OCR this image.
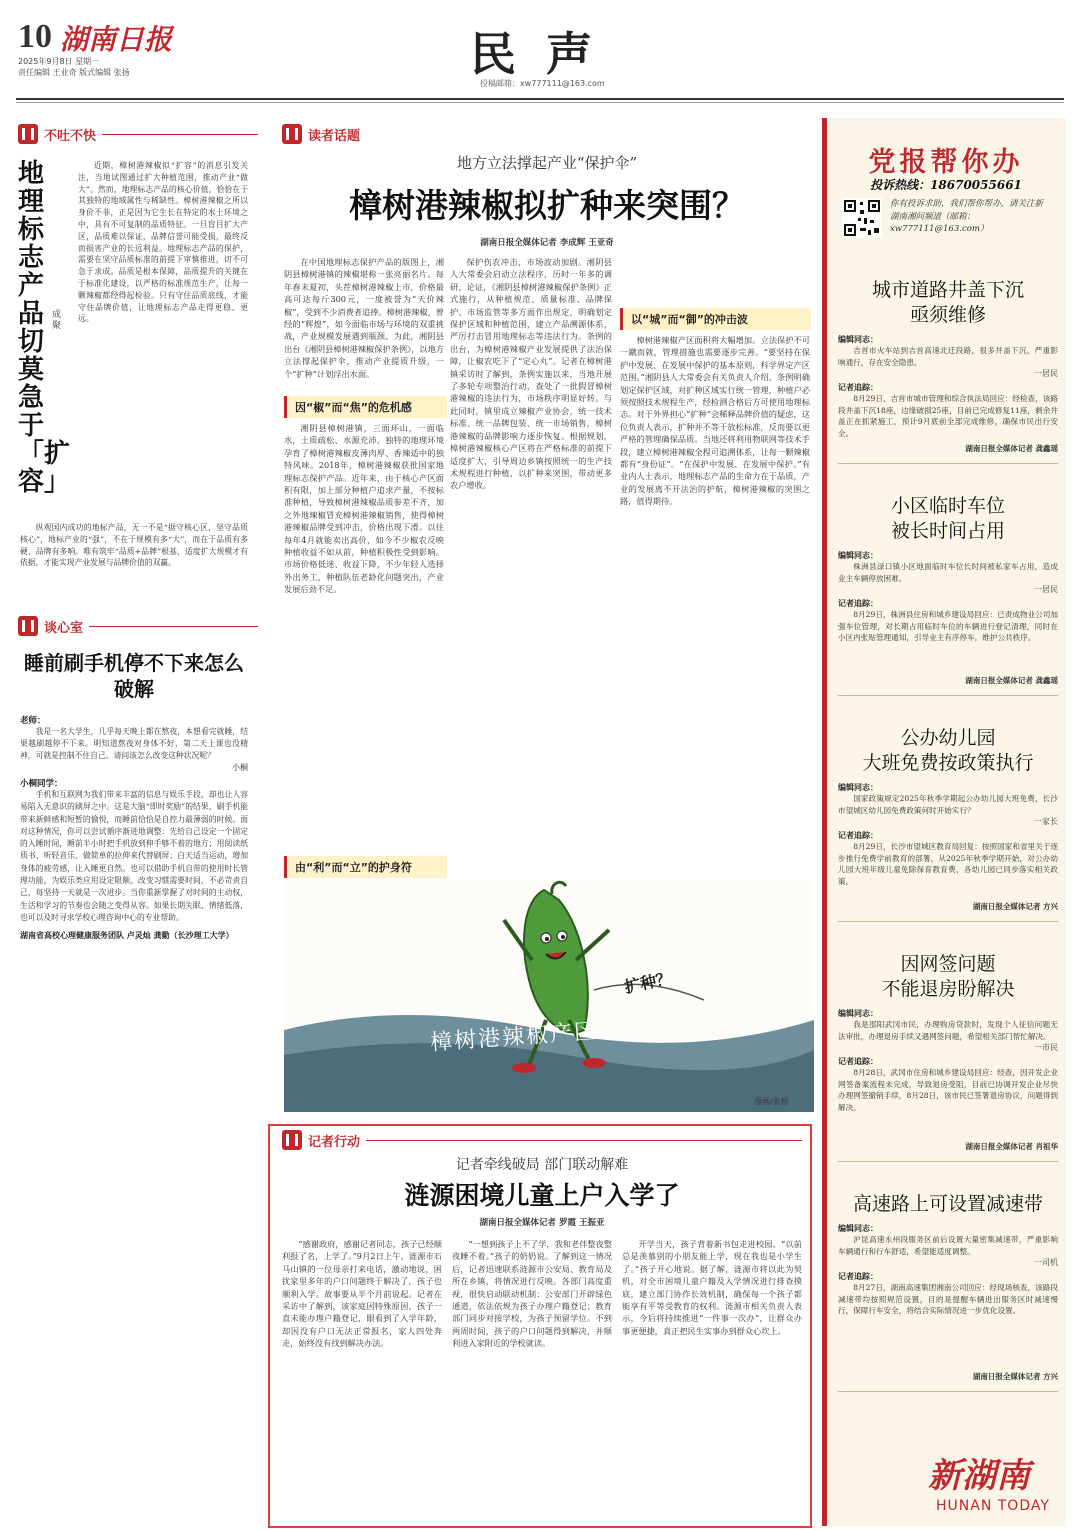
10 湖南日报
2025年9月8日 星期一
责任编辑 王业奇 版式编辑 张扬	民声
投稿邮箱：xw777111@163.com
不吐不快
地理标志产品切莫急于「扩容」
成聚
近期，樟树港辣椒拟“扩容”的消息引发关注，当地试图通过扩大种植范围，推动产业“做大”。然而，地理标志产品的核心价值，恰恰在于其独特的地域属性与稀缺性。樟树港辣椒之所以身价不菲，正是因为它生长在特定的水土环境之中，具有不可复制的品质特征。一旦盲目扩大产区，品质难以保证，品牌信誉可能受损，最终反而损害产业的长远利益。地理标志产品的保护，需要在坚守品质标准的前提下审慎推进，切不可急于求成。品质是根本保障，品质提升的关键在于标准化建设，以严格的标准规范生产，让每一颗辣椒都经得起检验。只有守住品质底线，才能守住品牌价值，让地理标志产品走得更稳、更远。
纵观国内成功的地标产品，无一不是“据守核心区，坚守品质核心”，地标产业的“强”，不在于规模有多“大”，而在于品质有多硬、品牌有多响。唯有筑牢“品质+品牌”根基，适度扩大规模才有依据，才能实现产业发展与品牌价值的双赢。
谈心室
睡前刷手机停不下来怎么破解
老师：
我是一名大学生，几乎每天晚上都在熬夜，本想看完就睡，结果越刷越停不下来。明知道熬夜对身体不好，第二天上课也没精神，可就是控制不住自己。请问该怎么改变这种状况呢？
小桐
小桐同学：
手机和互联网为我们带来丰富的信息与娱乐手段，却也让人容易陷入无意识的刷屏之中。这是大脑“即时奖励”的结果，刷手机能带来新鲜感和短暂的愉悦，而睡前恰恰是自控力最薄弱的时候。面对这种情况，你可以尝试循序渐进地调整：先给自己设定一个固定的入睡时间，睡前半小时把手机放到伸手够不着的地方；用阅读纸质书、听轻音乐、做简单的拉伸来代替刷屏；白天适当运动，增加身体的疲劳感，让入睡更自然。也可以借助手机自带的使用时长管理功能，为娱乐类应用设定限额。改变习惯需要时间，不必苛责自己，每坚持一天就是一次进步。当你重新掌握了对时间的主动权，生活和学习的节奏也会随之变得从容。如果长期失眠、情绪低落，也可以及时寻求学校心理咨询中心的专业帮助。
湖南省高校心理健康服务团队 卢灵灿 龚勤（长沙理工大学）
读者话题
地方立法撑起产业“保护伞”
樟树港辣椒拟扩种来突围？
湖南日报全媒体记者 李成辉 王亚奇
在中国地理标志保护产品的版图上，湘阴县樟树港镇的辣椒堪称一张亮丽名片。每年春末夏初，头茬樟树港辣椒上市，价格最高可达每斤300元，一度被誉为“天价辣椒”，受到不少消费者追捧。樟树港辣椒，曾经的“辉煌”，如今面临市场与环境的双重挑战，产业规模发展遇到瓶颈。为此，湘阴县出台《湘阴县樟树港辣椒保护条例》，以地方立法撑起保护伞，推动产业提质升级，一个“扩种”计划浮出水面。
因“椒”而“焦”的危机感
湘阴县樟树港镇，三面环山，一面临水，土质疏松、水源充沛，独特的地理环境孕育了樟树港辣椒皮薄肉厚、香辣适中的独特风味。2018年，樟树港辣椒获批国家地理标志保护产品。近年来，由于核心产区面积有限，加上部分种植户追求产量，不按标准种植，导致樟树港辣椒品质参差不齐，加之外地辣椒冒充樟树港辣椒销售，使得樟树港辣椒品牌受到冲击，价格出现下滑。以往每年4月就能卖出高价，如今不少椒农反映种植收益不如从前，种植积极性受到影响。市场价格低迷、收益下降，不少年轻人选择外出务工，种植队伍老龄化问题突出，产业发展后劲不足。
由“利”而“立”的护身符
保护伤农冲击，市场波动加剧。湘阴县人大常委会启动立法程序，历时一年多的调研、论证，《湘阴县樟树港辣椒保护条例》正式施行，从种植规范、质量标准、品牌保护、市场监管等多方面作出规定，明确划定保护区域和种植范围，建立产品溯源体系，严厉打击冒用地理标志等违法行为。条例的出台，为樟树港辣椒产业发展提供了法治保障，让椒农吃下了“定心丸”。记者在樟树港镇采访时了解到，条例实施以来，当地开展了多轮专项整治行动，查处了一批假冒樟树港辣椒的违法行为，市场秩序明显好转。与此同时，镇里成立辣椒产业协会，统一技术标准、统一品牌包装、统一市场销售，樟树港辣椒的品牌影响力逐步恢复。根据规划，樟树港辣椒核心产区将在严格标准的前提下适度扩大，引导周边乡镇按照统一的生产技术规程进行种植，以扩种来突围，带动更多农户增收。
以“城”而“御”的冲击波
樟树港辣椒产区面积将大幅增加。立法保护不可一蹴而就，管理措施也需要逐步完善。“要坚持在保护中发展、在发展中保护的基本原则，科学界定产区范围。”湘阴县人大常委会有关负责人介绍，条例明确划定保护区域，对扩种区域实行统一管理，种植户必须按照技术规程生产，经检测合格后方可使用地理标志。对于外界担心“扩种”会稀释品牌价值的疑虑，这位负责人表示，扩种并不等于放松标准，反而要以更严格的管理确保品质。当地还将利用物联网等技术手段，建立樟树港辣椒全程可追溯体系，让每一颗辣椒都有“身份证”。“在保护中发展、在发展中保护。”有业内人士表示，地理标志产品的生命力在于品质，产业的发展离不开法治的护航，樟树港辣椒的突围之路，值得期待。
扩种？
樟树港辣椒产区
漫画/张杨
记者行动
记者牵线破局 部门联动解难
涟源困境儿童上户入学了
湖南日报全媒体记者 罗霞 王振亚
“感谢政府，感谢记者同志，孩子已经顺利报了名，上学了。”9月2日上午，涟源市石马山镇的一位母亲打来电话，激动地说，困扰家里多年的户口问题终于解决了，孩子也顺利入学。故事要从半个月前说起。记者在采访中了解到，该家庭因特殊原因，孩子一直未能办理户籍登记，眼看到了入学年龄，却因没有户口无法正常报名，家人四处奔走，始终没有找到解决办法。
“一想到孩子上不了学，我和老伴整夜整夜睡不着。”孩子的奶奶说。了解到这一情况后，记者迅速联系涟源市公安局、教育局及所在乡镇，将情况进行反映。各部门高度重视，很快启动联动机制：公安部门开辟绿色通道，依法依规为孩子办理户籍登记；教育部门同步对接学校，为孩子预留学位。不到两周时间，孩子的户口问题得到解决，并顺利进入家附近的学校就读。
开学当天，孩子背着新书包走进校园。“以前总是羡慕别的小朋友能上学，现在我也是小学生了。”孩子开心地说。据了解，涟源市将以此为契机，对全市困境儿童户籍及入学情况进行排查摸底，建立部门协作长效机制，确保每一个孩子都能享有平等受教育的权利。涟源市相关负责人表示，今后将持续推进“一件事一次办”，让群众办事更便捷，真正把民生实事办到群众心坎上。
党报帮你办
投诉热线：18670055661
你有投诉求助，我们帮你帮办，请关注新湖南湘问频道（邮箱：xw777111@163.com）
城市道路井盖下沉
亟须维修
编辑同志：
吉首市火车站到吉首高速北迁段路，很多井盖下沉，严重影响通行，存在安全隐患。
一居民
记者追踪：
8月29日，吉首市城市管理和综合执法局回应：经检查，该路段井盖下沉18座，边缘破损25座，目前已完成修复11座，剩余井盖正在抓紧施工，预计9月底前全部完成维修，确保市民出行安全。
湖南日报全媒体记者 龚鑫瑶
小区临时车位
被长时间占用
编辑同志：
株洲县渌口镇小区地面临时车位长时间被私家车占用，造成业主车辆停放困难。
一居民
记者追踪：
8月29日，株洲县住房和城乡建设局回应：已责成物业公司加强车位管理，对长期占用临时车位的车辆进行登记清理，同时在小区内张贴管理通知，引导业主有序停车，维护公共秩序。
湖南日报全媒体记者 龚鑫瑶
公办幼儿园
大班免费按政策执行
编辑同志：
国家政策规定2025年秋季学期起公办幼儿园大班免费，长沙市望城区幼儿园免费政策何时开始实行？
一家长
记者追踪：
8月29日，长沙市望城区教育局回复：按照国家和省里关于逐步推行免费学前教育的部署，从2025年秋季学期开始，对公办幼儿园大班年级儿童免除保育教育费，各幼儿园已同步落实相关政策。
湖南日报全媒体记者 方兴
因网签问题
不能退房盼解决
编辑同志：
我是邵阳武冈市民，办理购房贷款时，发现个人征信问题无法审批，办理退房手续又遇网签问题，希望相关部门帮忙解决。
一市民
记者追踪：
8月28日，武冈市住房和城乡建设局回应：经查，因开发企业网签备案流程未完成，导致退房受阻，目前已协调开发企业尽快办理网签撤销手续，8月28日，该市民已签署退房协议，问题得到解决。
湖南日报全媒体记者 肖祖华
高速路上可设置减速带
编辑同志：
沪昆高速永州段服务区前后设置大量密集减速带，严重影响车辆通行和行车舒适，希望能适度调整。
一司机
记者追踪：
8月27日，湖南高速集团湘南公司回应：经现场核查，该路段减速带均按照规范设置，目的是提醒车辆进出服务区时减速慢行，保障行车安全，将结合实际情况进一步优化设置。
湖南日报全媒体记者 方兴
新湖南
HUNAN TODAY
